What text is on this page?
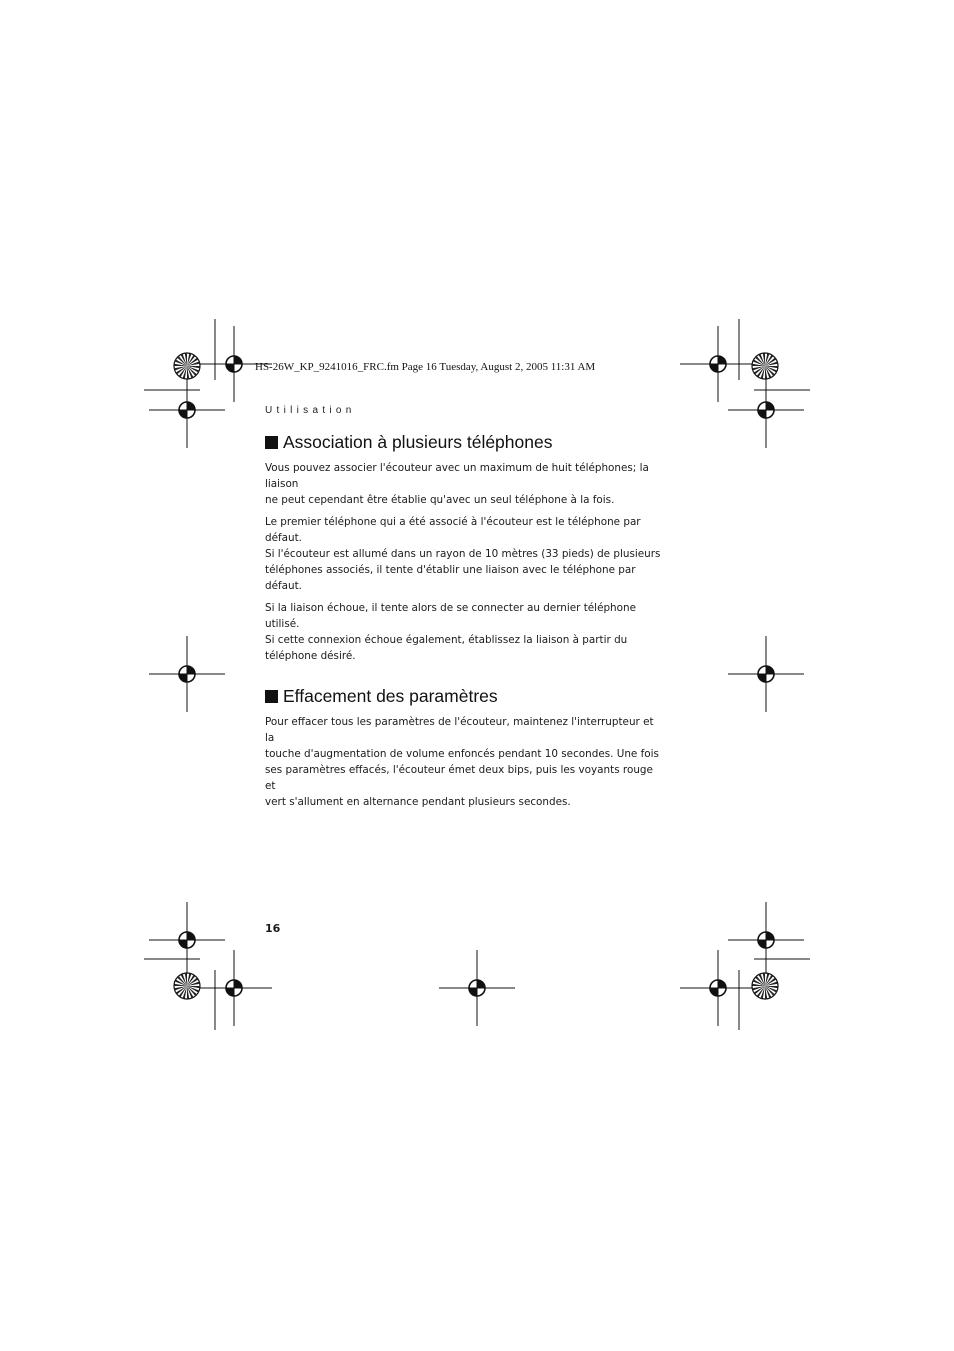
HS-26W_KP_9241016_FRC.fm Page 16 Tuesday, August 2, 2005 11:31 AM
Utilisation
Association à plusieurs téléphones

Vous pouvez associer l'écouteur avec un maximum de huit téléphones; la liaison
ne peut cependant être établie qu'avec un seul téléphone à la fois.

Le premier téléphone qui a été associé à l'écouteur est le téléphone par défaut.
Si l'écouteur est allumé dans un rayon de 10 mètres (33 pieds) de plusieurs
téléphones associés, il tente d'établir une liaison avec le téléphone par défaut.

Si la liaison échoue, il tente alors de se connecter au dernier téléphone utilisé.
Si cette connexion échoue également, établissez la liaison à partir du
téléphone désiré.

Effacement des paramètres

Pour effacer tous les paramètres de l'écouteur, maintenez l'interrupteur et la
touche d'augmentation de volume enfoncés pendant 10 secondes. Une fois
ses paramètres effacés, l'écouteur émet deux bips, puis les voyants rouge et
vert s'allument en alternance pendant plusieurs secondes.

16
